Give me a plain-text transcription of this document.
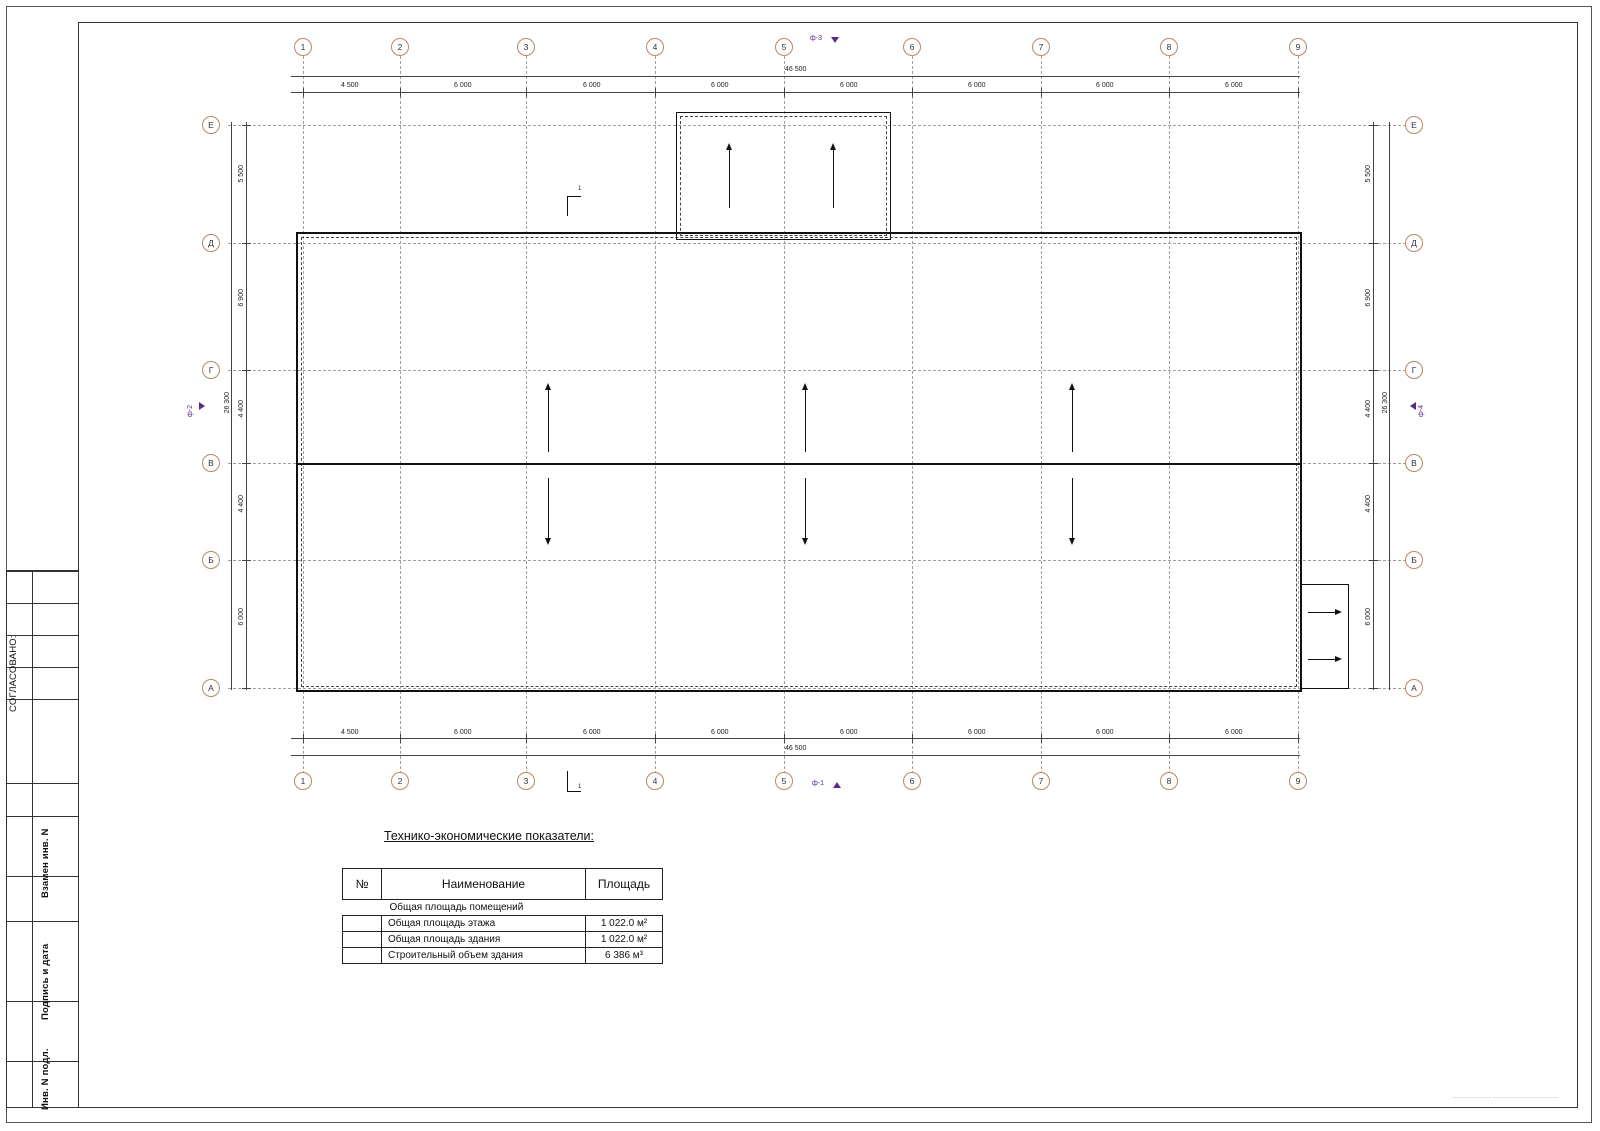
СОГЛАСОВАНО:
Взамен инв. N
Подпись и дата
Инв. N подл.
1	2	3	4	5	6	7	8	9
1	2	3	4	5	6	7	8	9
Е
Д
Г
В
Б
А
Е
Д
Г
В
Б
А
46 500
4 500	6 000	6 000	6 000	6 000	6 000	6 000	6 000
4 500	6 000	6 000	6 000	6 000	6 000	6 000	6 000
46 500
5 500
6 900
4 400
4 400
6 000
26 300
5 500
6 900
4 400
4 400
6 000
26 300
ф-3
ф-1
ф-2	ф-4
1
1
Технико-экономические показатели:
№	Наименование	Площадь
	Общая площадь помещений	
	Общая площадь этажа	1 022.0 м²
	Общая площадь здания	1 022.0 м²
	Строительный объем здания	6 386 м³
_______________ _________________________
